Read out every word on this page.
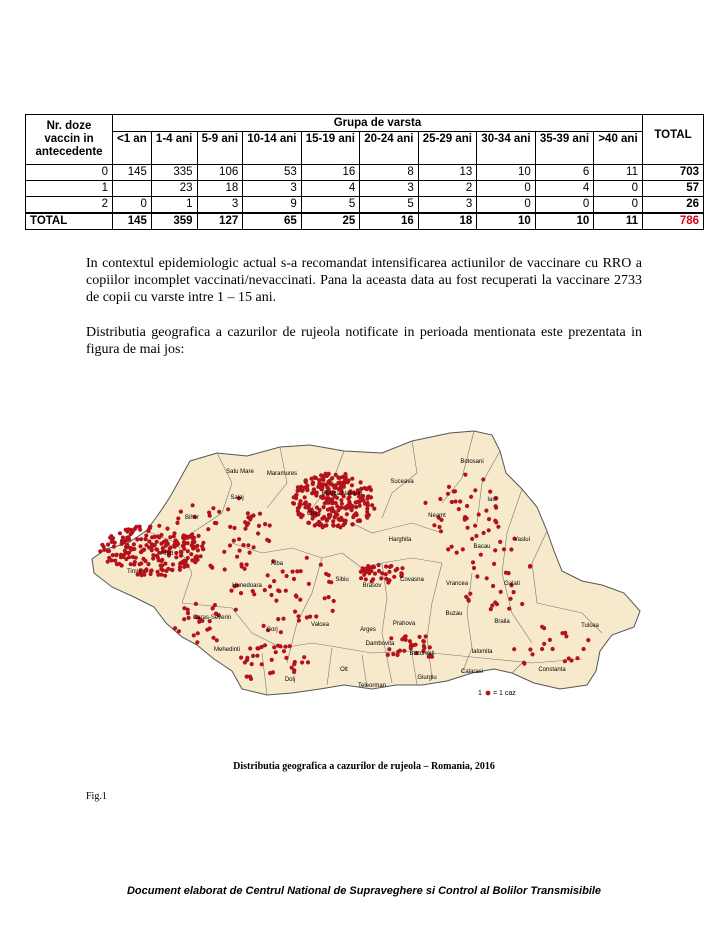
Nr. doze vaccin in antecedente	Grupa de varsta										TOTAL
	<1 an	1-4 ani	5-9 ani	10-14 ani	15-19 ani	20-24 ani	25-29 ani	30-34 ani	35-39 ani	>40 ani	
0	145	335	106	53	16	8	13	10	6	11	703
1		23	18	3	4	3	2	0	4	0	57
2	0	1	3	9	5	5	3	0	0	0	26
TOTAL	145	359	127	65	25	16	18	10	10	11	786

In contextul epidemiologic actual s-a recomandat intensificarea actiunilor de vaccinare cu RRO a copiilor incomplet vaccinati/nevaccinati. Pana la aceasta data au fost recuperati la vaccinare 2733 de copii cu varste intre 1 – 15 ani.

Distributia geografica a cazurilor de rujeola notificate in perioada mentionata este prezentata in figura de mai jos:

Satu Mare Maramures
Botosani
Suceava
Salaj
Bistrita Nasaud
Iasi
Cluj
Bihor	Neamt
Harghita
Bacau
Vaslui
Arad
Alba
Sibiu
Brasov
Covasna
Vrancea	Galati
Timis
Hunedoara
Buzau
Braila
Tulcea
Caras-Severin
Gorj
Valcea
Arges
Prahova
Dambovita
Ialomita
Mehedinti
Bucuresti
Calarasi
Dolj
Olt
Teleorman
Giurgiu
Constanta
1 = 1 caz
Distributia geografica a cazurilor de rujeola – Romania, 2016
Fig.1
Document elaborat de Centrul National de Supraveghere si Control al Bolilor Transmisibile
